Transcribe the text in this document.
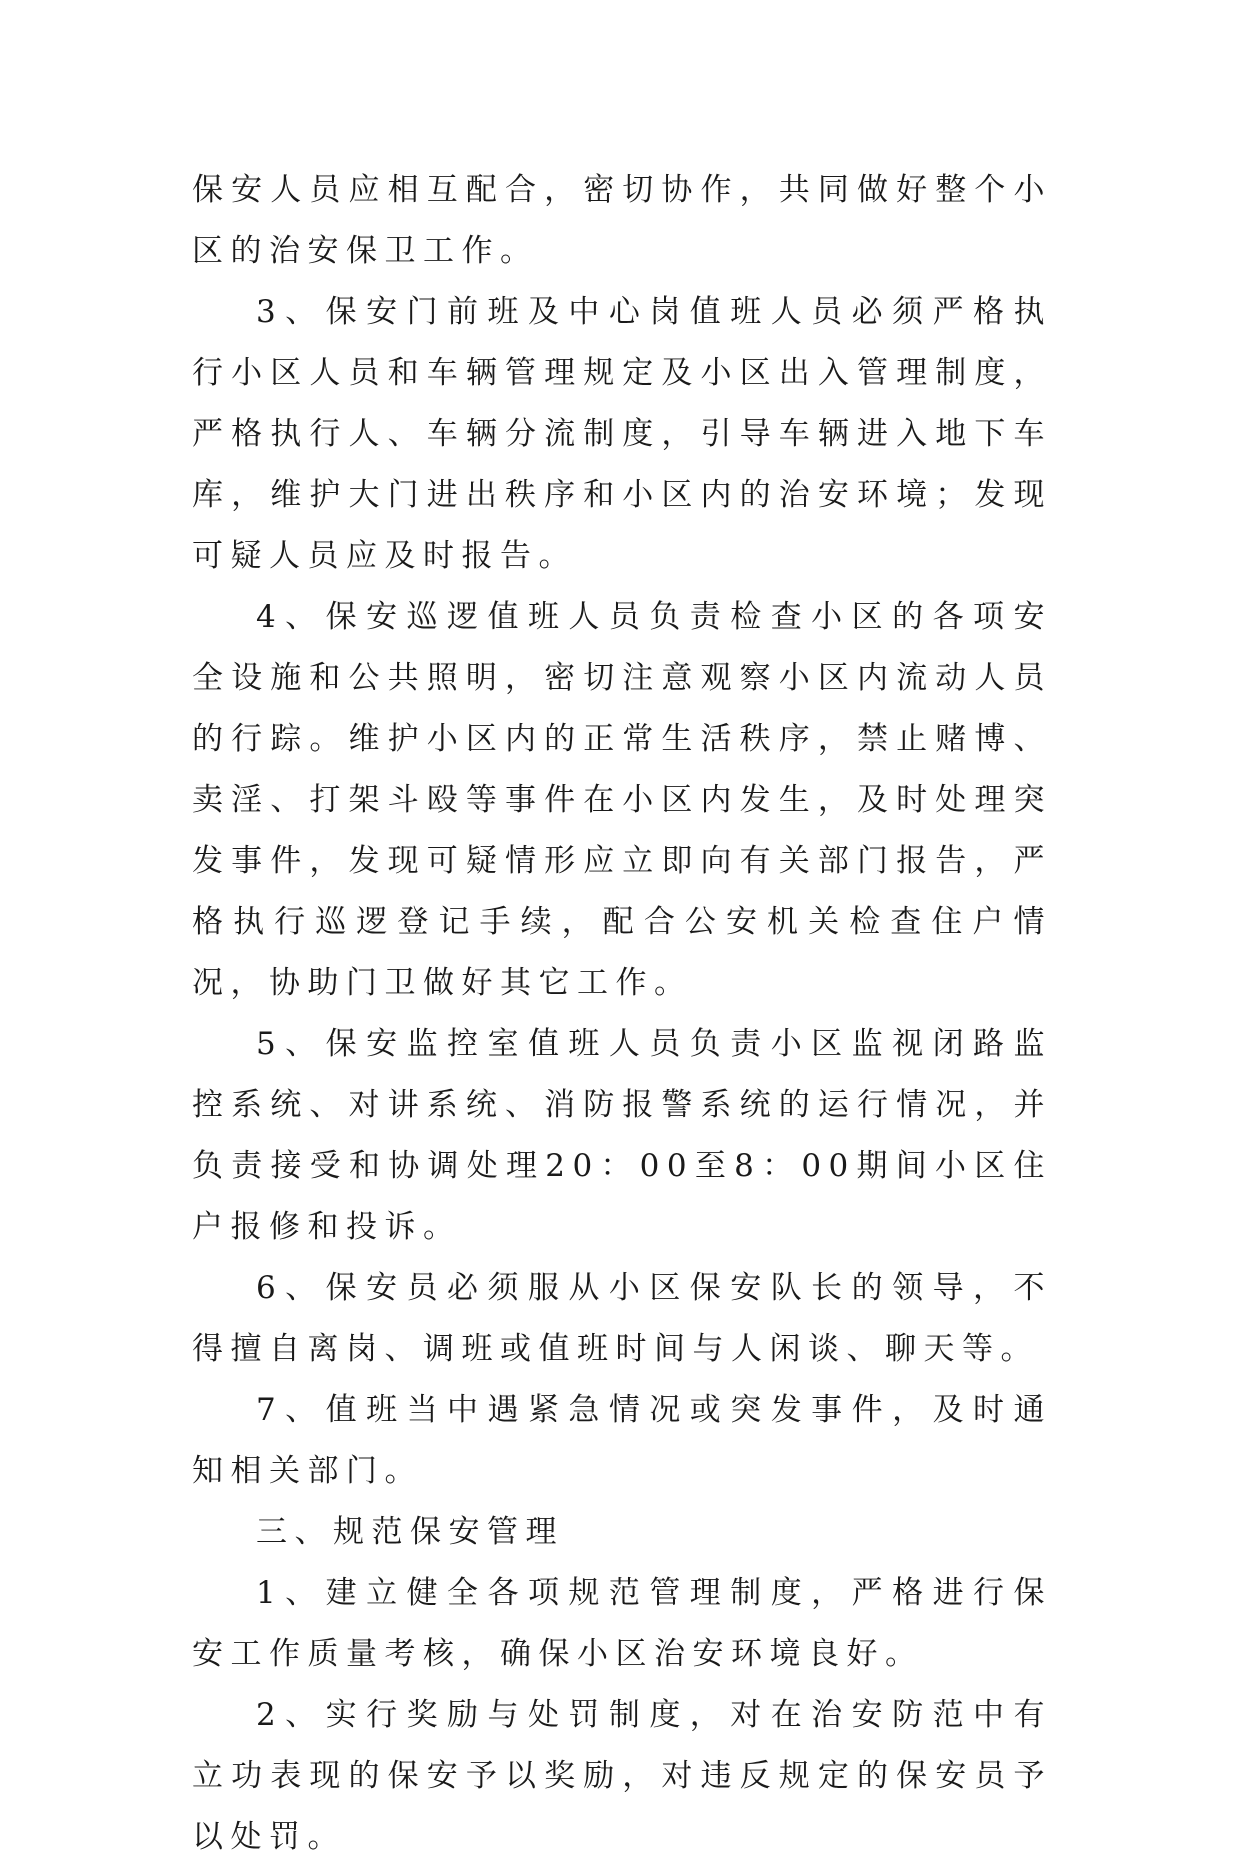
保安人员应相互配合，密切协作，共同做好整个小区的治安保卫工作。

3、保安门前班及中心岗值班人员必须严格执行小区人员和车辆管理规定及小区出入管理制度，严格执行人、车辆分流制度，引导车辆进入地下车库，维护大门进出秩序和小区内的治安环境；发现可疑人员应及时报告。

4、保安巡逻值班人员负责检查小区的各项安全设施和公共照明，密切注意观察小区内流动人员的行踪。维护小区内的正常生活秩序，禁止赌博、卖淫、打架斗殴等事件在小区内发生，及时处理突发事件，发现可疑情形应立即向有关部门报告，严格执行巡逻登记手续，配合公安机关检查住户情况，协助门卫做好其它工作。

5、保安监控室值班人员负责小区监视闭路监控系统、对讲系统、消防报警系统的运行情况，并负责接受和协调处理20：00至8：00期间小区住户报修和投诉。

6、保安员必须服从小区保安队长的领导，不得擅自离岗、调班或值班时间与人闲谈、聊天等。

7、值班当中遇紧急情况或突发事件，及时通知相关部门。

三、规范保安管理

1、建立健全各项规范管理制度，严格进行保安工作质量考核，确保小区治安环境良好。

2、实行奖励与处罚制度，对在治安防范中有立功表现的保安予以奖励，对违反规定的保安员予以处罚。
